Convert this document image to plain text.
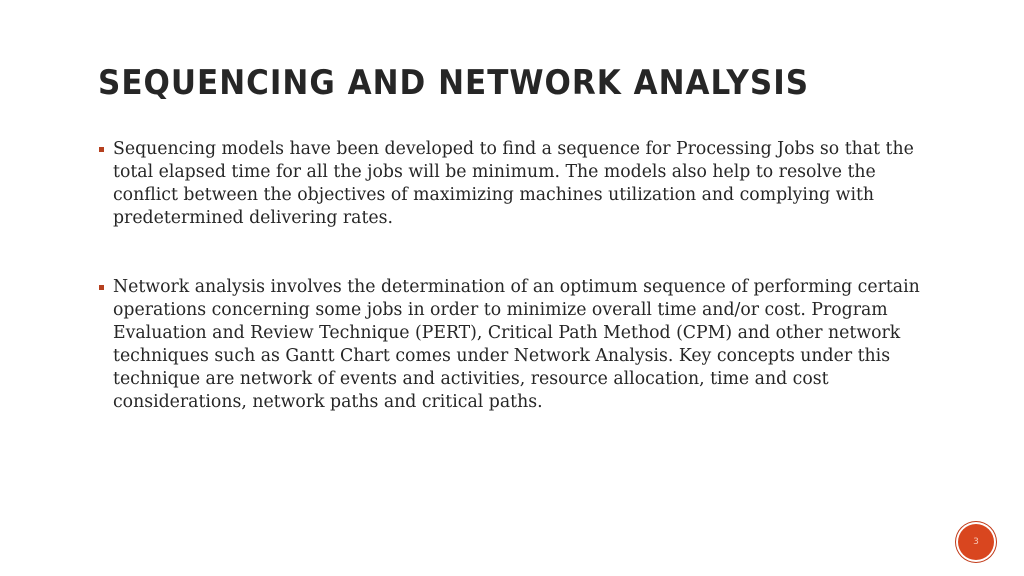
SEQUENCING AND NETWORK ANALYSIS
Sequencing models have been developed to find a sequence for Processing Jobs so that the total elapsed time for all the jobs will be minimum. The models also help to resolve the conflict between the objectives of maximizing machines utilization and complying with predetermined delivering rates.
Network analysis involves the determination of an optimum sequence of performing certain operations concerning some jobs in order to minimize overall time and/or cost. Program Evaluation and Review Technique (PERT), Critical Path Method (CPM) and other network techniques such as Gantt Chart comes under Network Analysis. Key concepts under this technique are network of events and activities, resource allocation, time and cost considerations, network paths and critical paths.
3
